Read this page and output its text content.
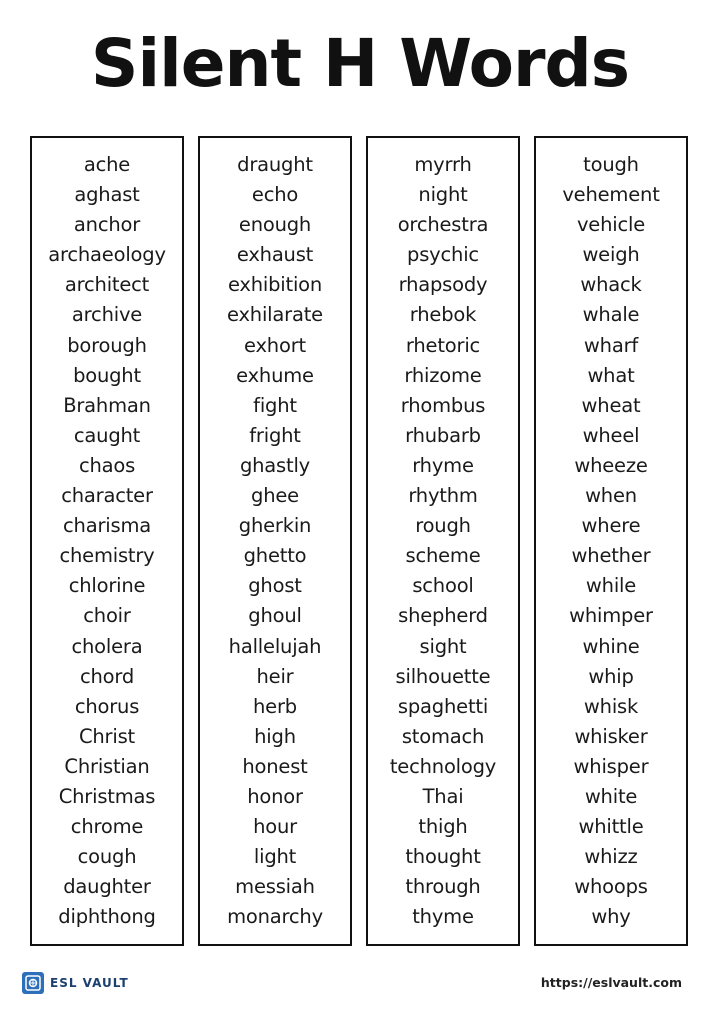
Silent H Words
ache
aghast
anchor
archaeology
architect
archive
borough
bought
Brahman
caught
chaos
character
charisma
chemistry
chlorine
choir
cholera
chord
chorus
Christ
Christian
Christmas
chrome
cough
daughter
diphthong
draught
echo
enough
exhaust
exhibition
exhilarate
exhort
exhume
fight
fright
ghastly
ghee
gherkin
ghetto
ghost
ghoul
hallelujah
heir
herb
high
honest
honor
hour
light
messiah
monarchy
myrrh
night
orchestra
psychic
rhapsody
rhebok
rhetoric
rhizome
rhombus
rhubarb
rhyme
rhythm
rough
scheme
school
shepherd
sight
silhouette
spaghetti
stomach
technology
Thai
thigh
thought
through
thyme
tough
vehement
vehicle
weigh
whack
whale
wharf
what
wheat
wheel
wheeze
when
where
whether
while
whimper
whine
whip
whisk
whisker
whisper
white
whittle
whizz
whoops
why
ESL VAULT	https://eslvault.com
